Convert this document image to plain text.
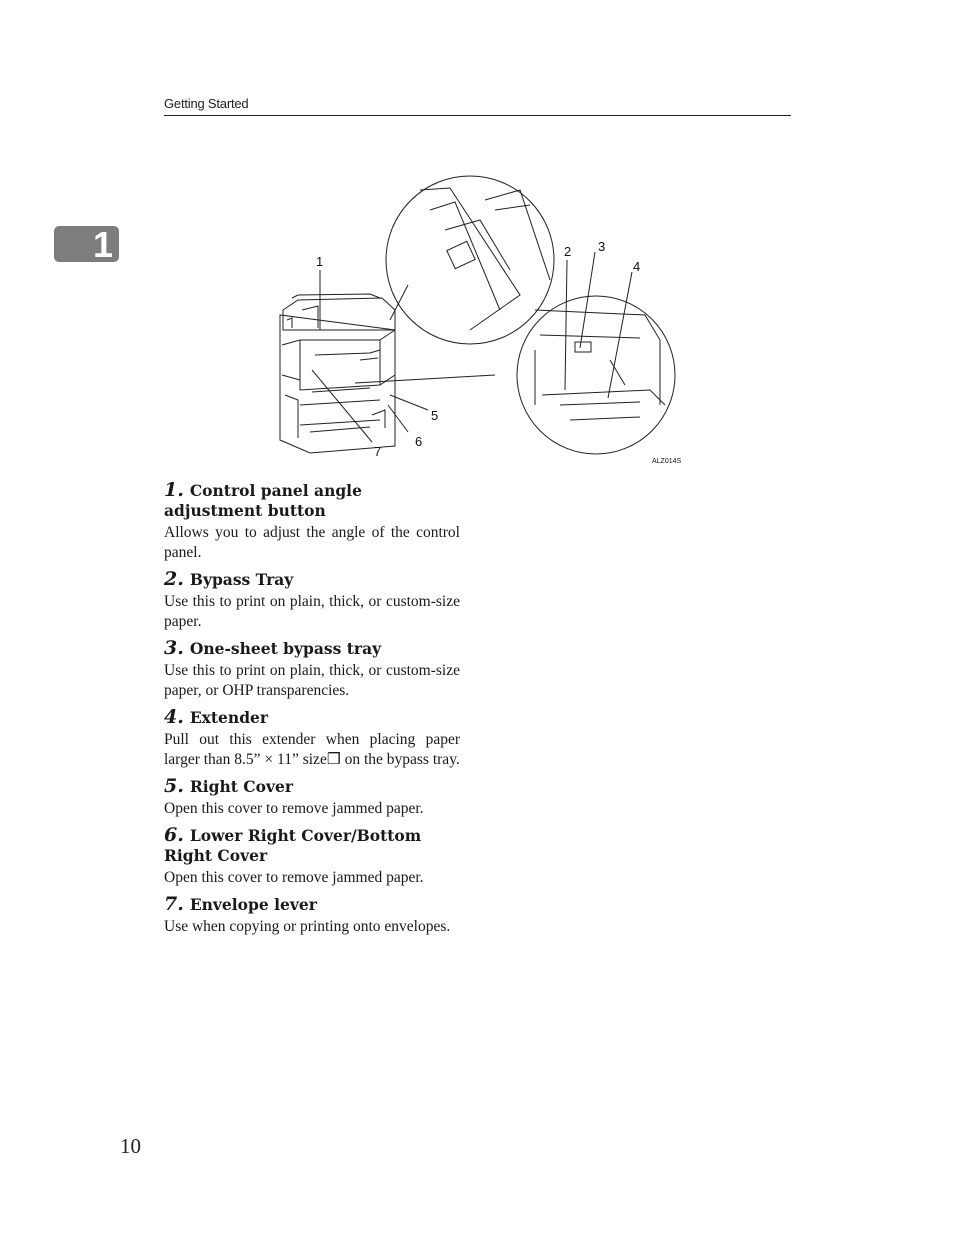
Getting Started
1	1
2 3
4
5
6
7
ALZ014S

1. Control panel angle adjustment button

Allows you to adjust the angle of the control panel.

2. Bypass Tray

Use this to print on plain, thick, or custom-size paper.

3. One-sheet bypass tray

Use this to print on plain, thick, or custom-size paper, or OHP transparencies.

4. Extender

Pull out this extender when placing paper larger than 8.5” × 11” size❒ on the bypass tray.

5. Right Cover

Open this cover to remove jammed paper.

6. Lower Right Cover/Bottom Right Cover

Open this cover to remove jammed paper.

7. Envelope lever

Use when copying or printing onto envelopes.

10
